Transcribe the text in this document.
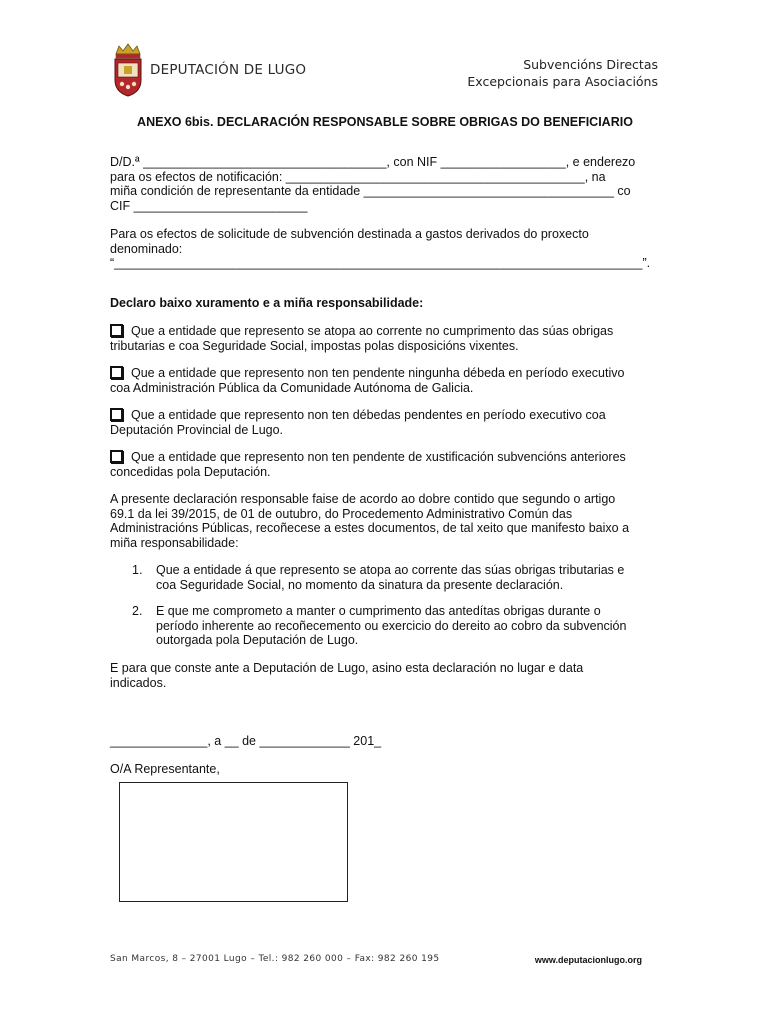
DEPUTACIÓN DE LUGO	Subvencións Directas
Excepcionais para Asociacións
ANEXO 6bis. DECLARACIÓN RESPONSABLE SOBRE OBRIGAS DO BENEFICIARIO
D/D.ª ___________________________________, con NIF __________________, e enderezo
para os efectos de notificación: ___________________________________________, na
miña condición de representante da entidade ____________________________________ co
CIF _________________________
Para os efectos de solicitude de subvención destinada a gastos derivados do proxecto
denominado:
“____________________________________________________________________________”.
Declaro baixo xuramento e a miña responsabilidade:
Que a entidade que represento se atopa ao corrente no cumprimento das súas obrigas
tributarias e coa Seguridade Social, impostas polas disposicións vixentes.
Que a entidade que represento non ten pendente ningunha débeda en período executivo
coa Administración Pública da Comunidade Autónoma de Galicia.
Que a entidade que represento non ten débedas pendentes en período executivo coa
Deputación Provincial de Lugo.
Que a entidade que represento non ten pendente de xustificación subvencións anteriores
concedidas pola Deputación.
A presente declaración responsable faise de acordo ao dobre contido que segundo o artigo
69.1 da lei 39/2015, de 01 de outubro, do Procedemento Administrativo Común das
Administracións Públicas, recoñecese a estes documentos, de tal xeito que manifesto baixo a
miña responsabilidade:
1.	Que a entidade á que represento se atopa ao corrente das súas obrigas tributarias e
coa Seguridade Social, no momento da sinatura da presente declaración.
2.	E que me comprometo a manter o cumprimento das antedítas obrigas durante o
período inherente ao recoñecemento ou exercicio do dereito ao cobro da subvención
outorgada pola Deputación de Lugo.
E para que conste ante a Deputación de Lugo, asino esta declaración no lugar e data
indicados.
______________, a __ de _____________ 201_
O/A Representante,
San Marcos, 8 – 27001 Lugo – Tel.: 982 260 000 – Fax: 982 260 195	www.deputacionlugo.org
